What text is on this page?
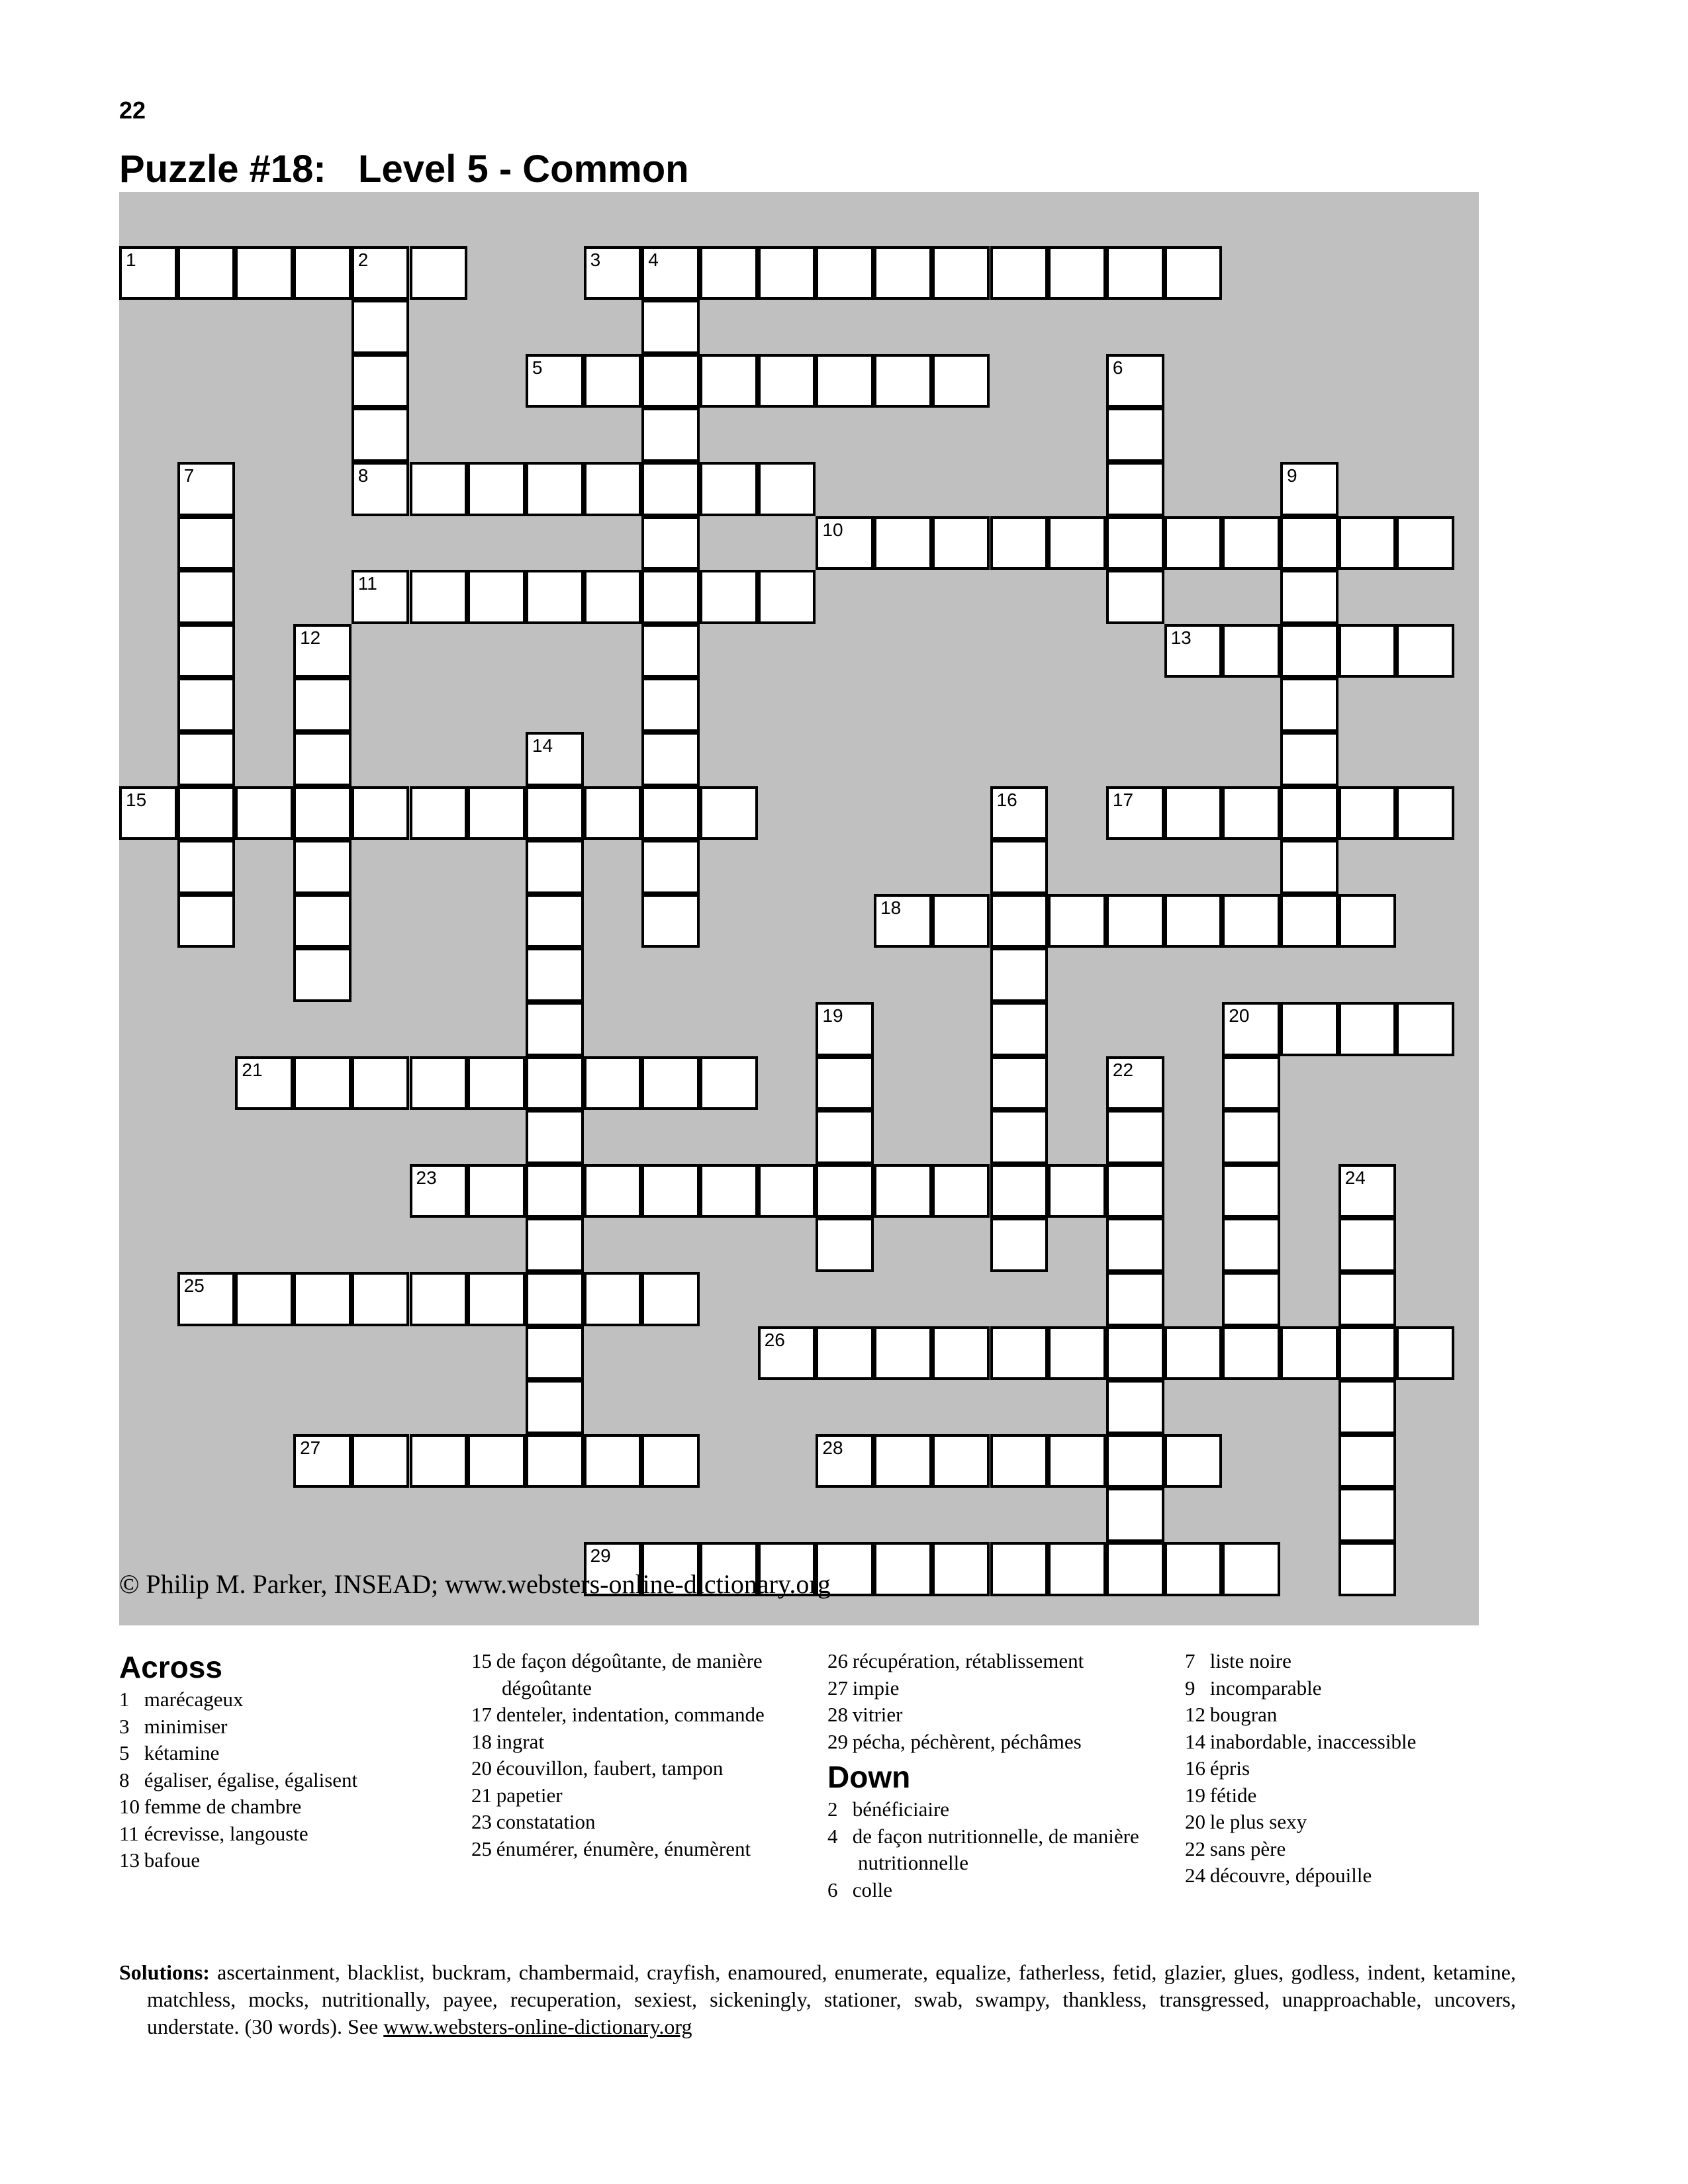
22
Puzzle #18:   Level 5 - Common
1	2	3	4
5	6
7	8	9
10
11
12	13
14
15	16	17
18
19	20
21	22
23	24
25
26
27	28
29
© Philip M. Parker, INSEAD; www.websters-online-dictionary.org
Across
1 marécageux
3 minimiser
5 kétamine
8 égaliser, égalise, égalisent
10 femme de chambre
11 écrevisse, langouste
13 bafoue
15 de façon dégoûtante, de manière dégoûtante
17 denteler, indentation, commande
18 ingrat
20 écouvillon, faubert, tampon
21 papetier
23 constatation
25 énumérer, énumère, énumèrent
26 récupération, rétablissement
27 impie
28 vitrier
29 pécha, péchèrent, péchâmes
Down
2 bénéficiaire
4 de façon nutritionnelle, de manière nutritionnelle
6 colle
7 liste noire
9 incomparable
12 bougran
14 inabordable, inaccessible
16 épris
19 fétide
20 le plus sexy
22 sans père
24 découvre, dépouille
Solutions: ascertainment, blacklist, buckram, chambermaid, crayfish, enamoured, enumerate, equalize, fatherless, fetid, glazier, glues, godless, indent, ketamine, matchless, mocks, nutritionally, payee, recuperation, sexiest, sickeningly, stationer, swab, swampy, thankless, transgressed, unapproachable, uncovers, understate. (30 words). See www.websters-online-dictionary.org
